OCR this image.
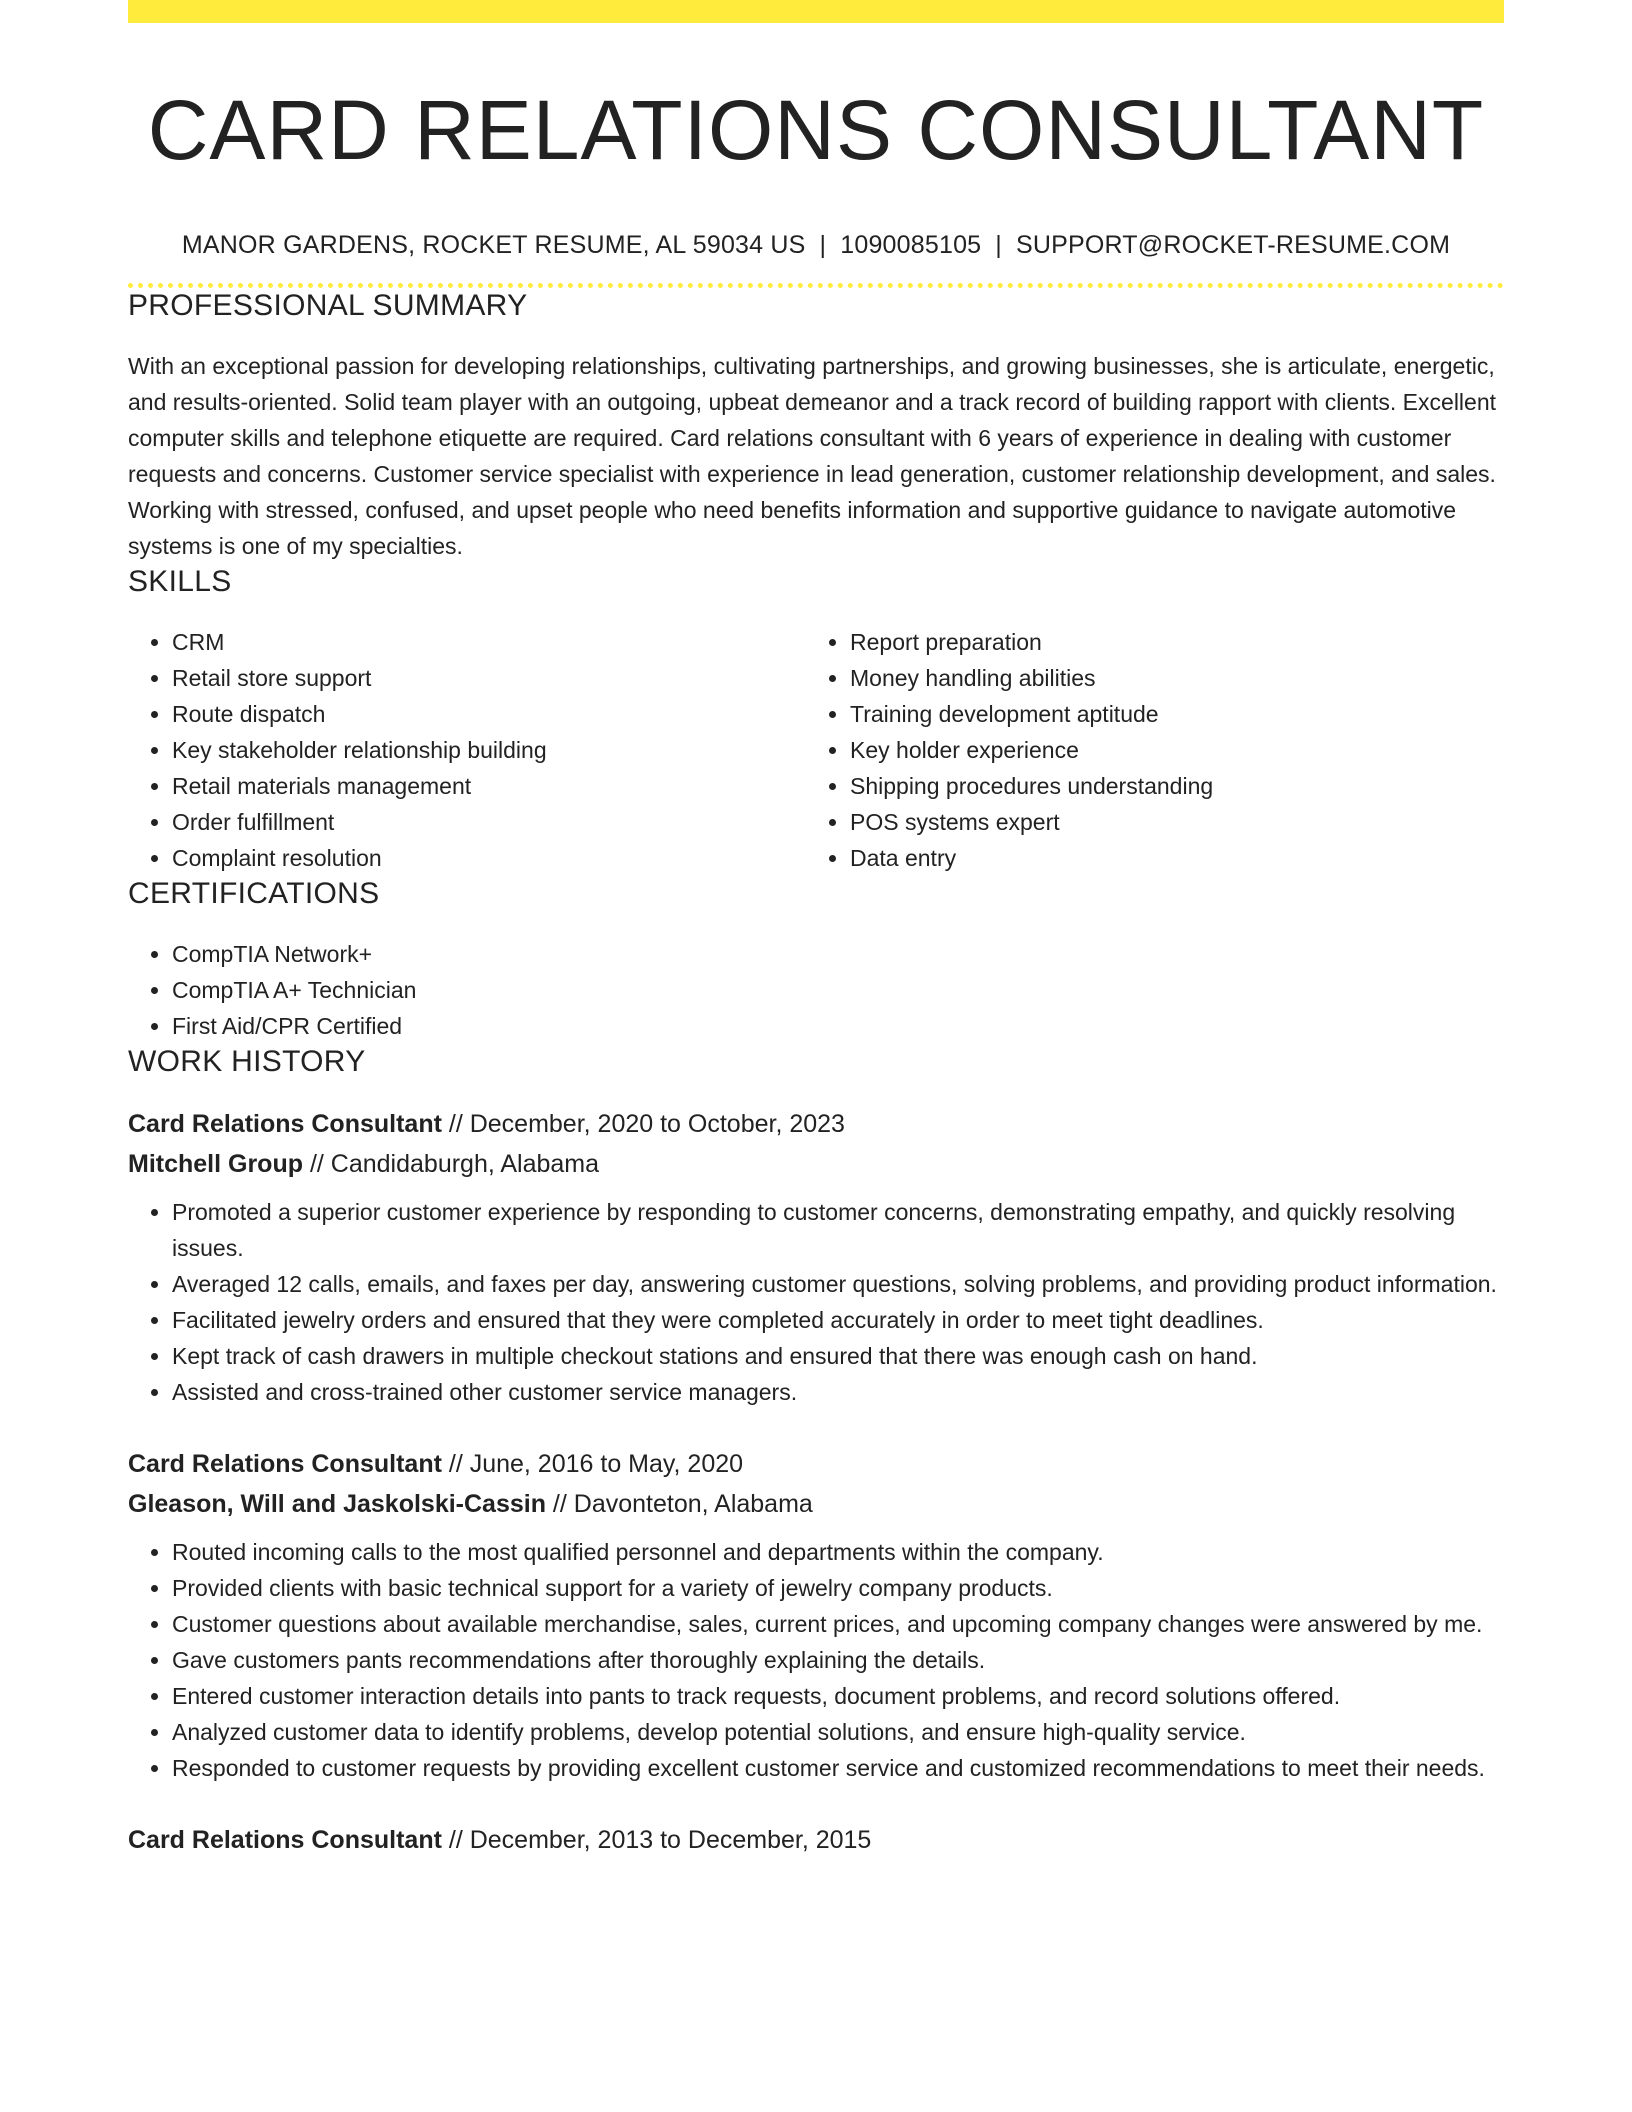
CARD RELATIONS CONSULTANT
MANOR GARDENS, ROCKET RESUME, AL 59034 US | 1090085105 | SUPPORT@ROCKET-RESUME.COM
PROFESSIONAL SUMMARY

With an exceptional passion for developing relationships, cultivating partnerships, and growing businesses, she is articulate, energetic, and results-oriented. Solid team player with an outgoing, upbeat demeanor and a track record of building rapport with clients. Excellent computer skills and telephone etiquette are required. Card relations consultant with 6 years of experience in dealing with customer requests and concerns. Customer service specialist with experience in lead generation, customer relationship development, and sales. Working with stressed, confused, and upset people who need benefits information and supportive guidance to navigate automotive systems is one of my specialties.

SKILLS
• CRM
• Retail store support
• Route dispatch
• Key stakeholder relationship building
• Retail materials management
• Order fulfillment
• Complaint resolution
• Report preparation
• Money handling abilities
• Training development aptitude
• Key holder experience
• Shipping procedures understanding
• POS systems expert
• Data entry
CERTIFICATIONS
• CompTIA Network+
• CompTIA A+ Technician
• First Aid/CPR Certified
WORK HISTORY
Card Relations Consultant // December, 2020 to October, 2023
Mitchell Group // Candidaburgh, Alabama
• Promoted a superior customer experience by responding to customer concerns, demonstrating empathy, and quickly resolving issues.
• Averaged 12 calls, emails, and faxes per day, answering customer questions, solving problems, and providing product information.
• Facilitated jewelry orders and ensured that they were completed accurately in order to meet tight deadlines.
• Kept track of cash drawers in multiple checkout stations and ensured that there was enough cash on hand.
• Assisted and cross-trained other customer service managers.
Card Relations Consultant // June, 2016 to May, 2020
Gleason, Will and Jaskolski-Cassin // Davonteton, Alabama
• Routed incoming calls to the most qualified personnel and departments within the company.
• Provided clients with basic technical support for a variety of jewelry company products.
• Customer questions about available merchandise, sales, current prices, and upcoming company changes were answered by me.
• Gave customers pants recommendations after thoroughly explaining the details.
• Entered customer interaction details into pants to track requests, document problems, and record solutions offered.
• Analyzed customer data to identify problems, develop potential solutions, and ensure high-quality service.
• Responded to customer requests by providing excellent customer service and customized recommendations to meet their needs.
Card Relations Consultant // December, 2013 to December, 2015
